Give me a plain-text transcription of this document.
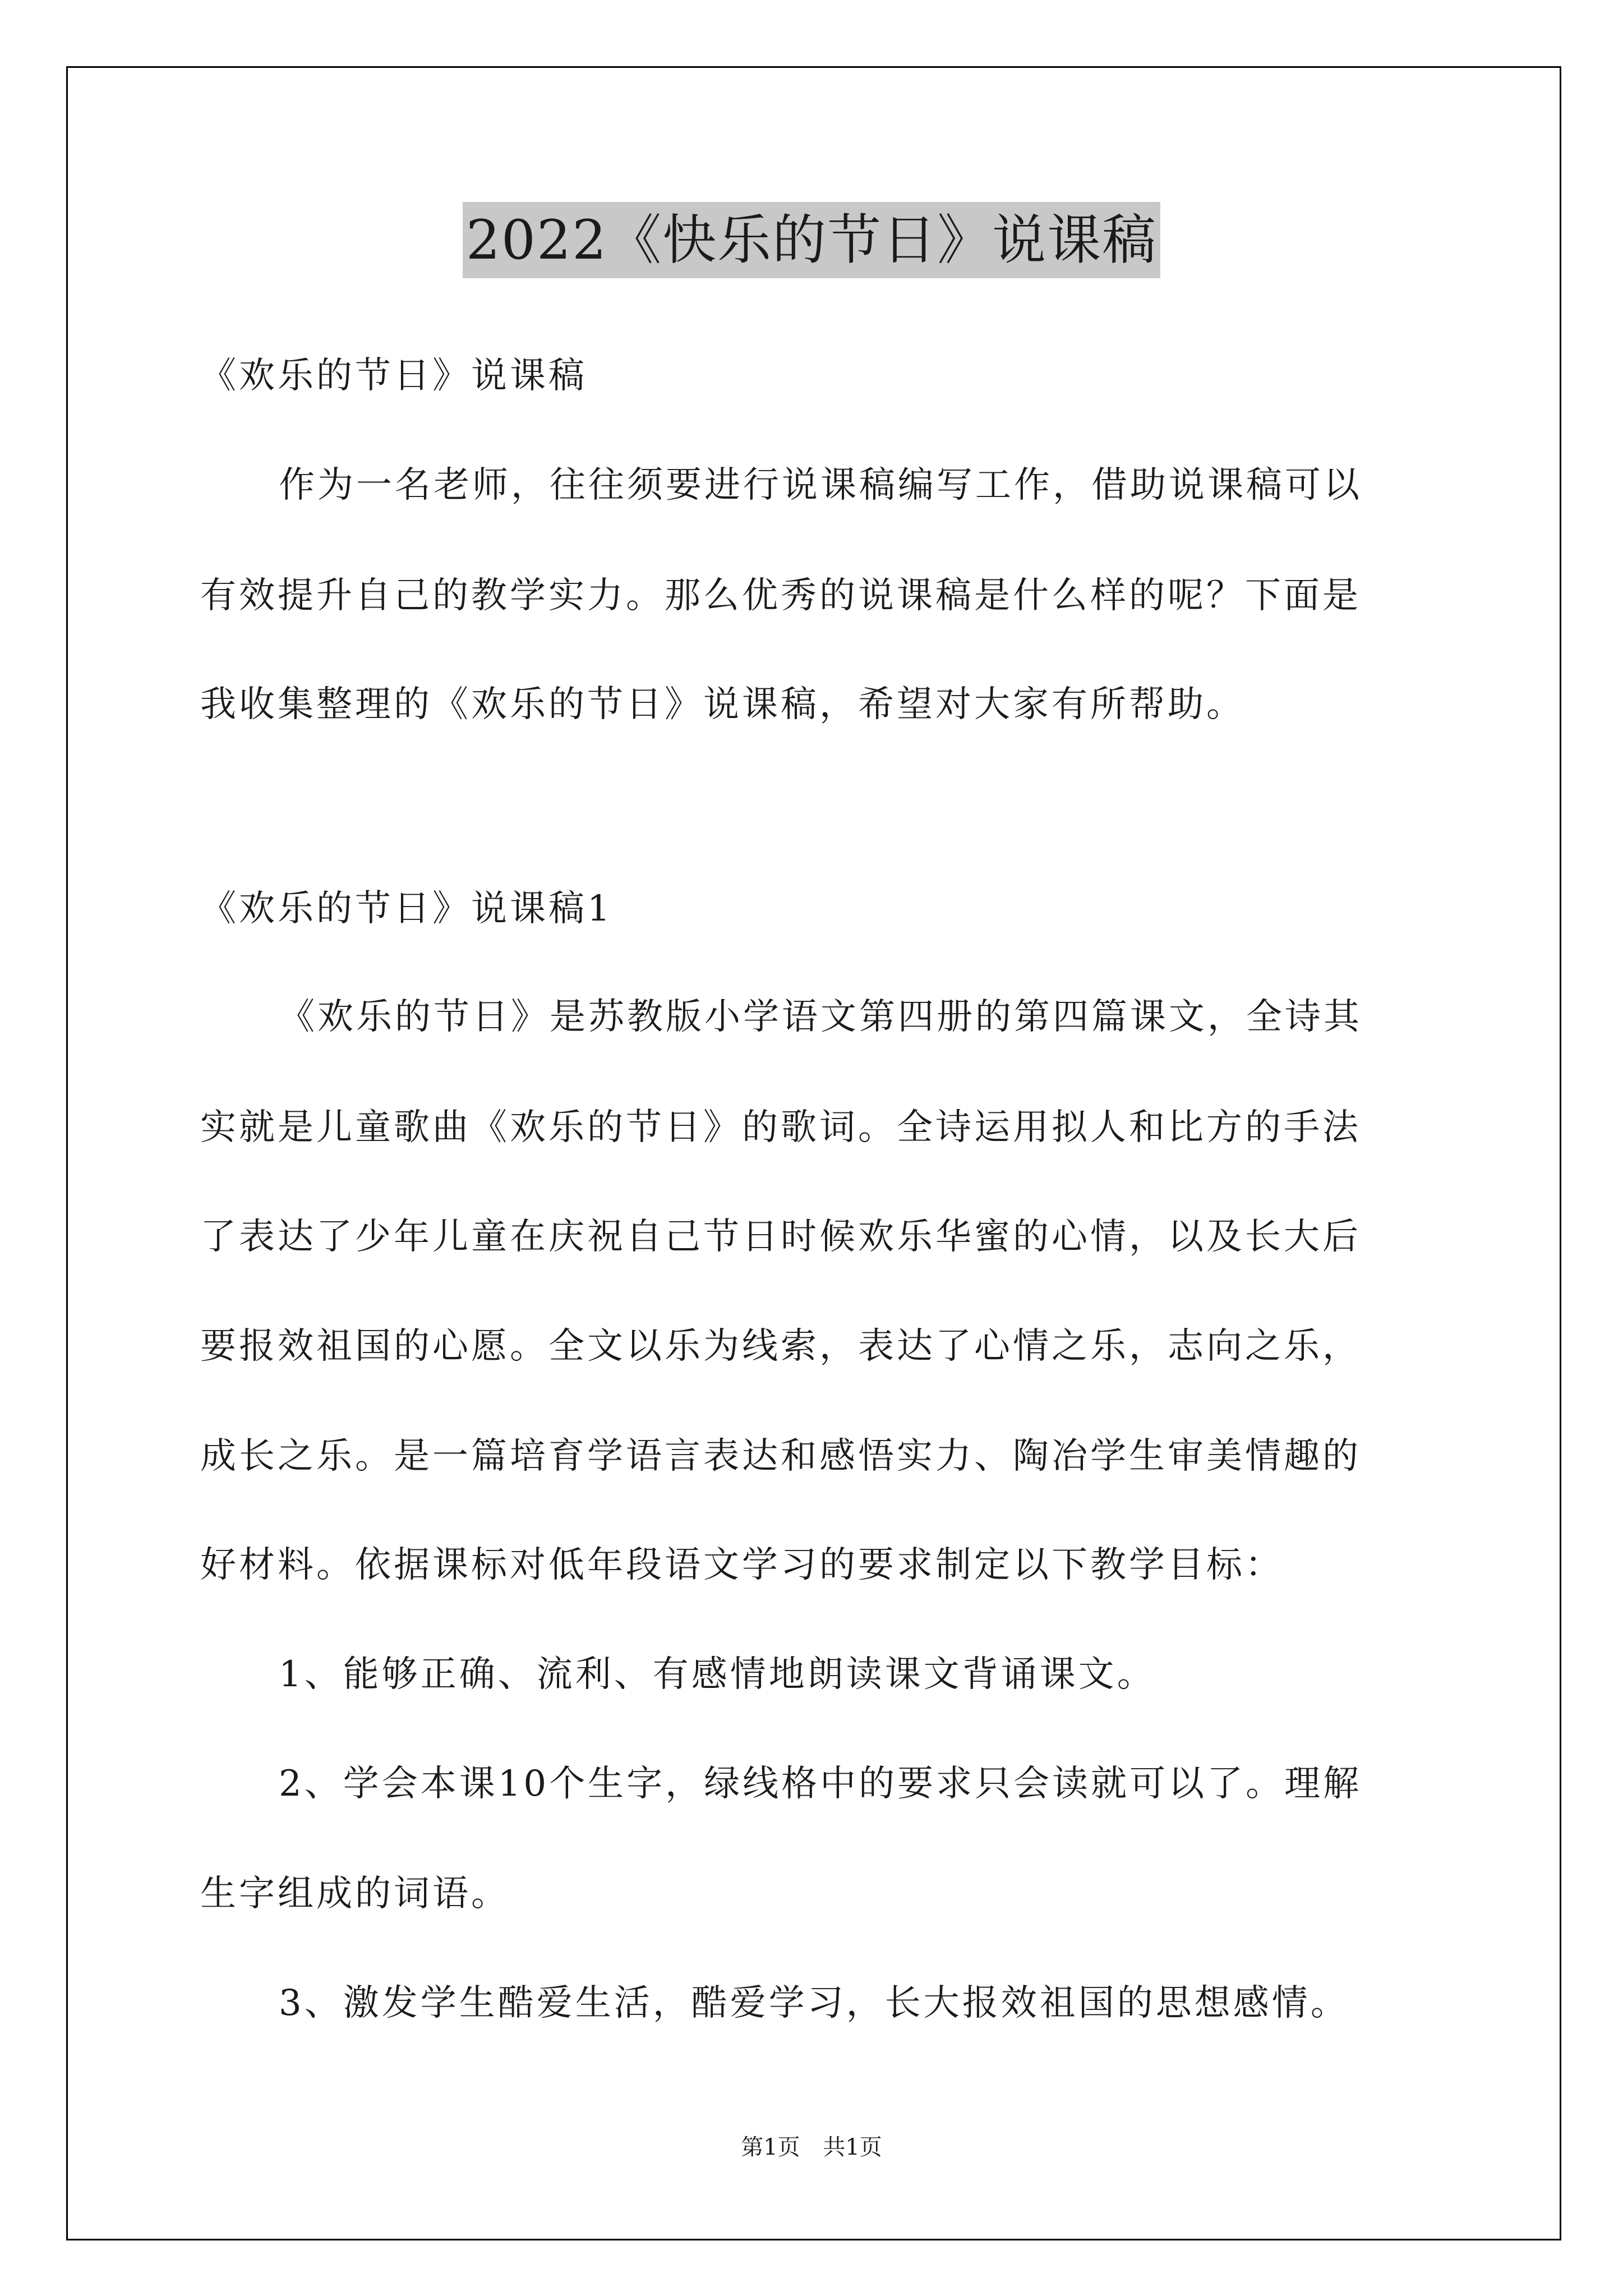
2022《快乐的节日》说课稿
《欢乐的节日》说课稿
作为一名老师，往往须要进行说课稿编写工作，借助说课稿可以
有效提升自己的教学实力。那么优秀的说课稿是什么样的呢？下面是
我收集整理的《欢乐的节日》说课稿，希望对大家有所帮助。
《欢乐的节日》说课稿1
《欢乐的节日》是苏教版小学语文第四册的第四篇课文，全诗其
实就是儿童歌曲《欢乐的节日》的歌词。全诗运用拟人和比方的手法
了表达了少年儿童在庆祝自己节日时候欢乐华蜜的心情，以及长大后
要报效祖国的心愿。全文以乐为线索，表达了心情之乐，志向之乐，
成长之乐。是一篇培育学语言表达和感悟实力、陶冶学生审美情趣的
好材料。依据课标对低年段语文学习的要求制定以下教学目标：
1、能够正确、流利、有感情地朗读课文背诵课文。
2、学会本课10个生字，绿线格中的要求只会读就可以了。理解
生字组成的词语。
3、激发学生酷爱生活，酷爱学习，长大报效祖国的思想感情。
第1页 共1页
